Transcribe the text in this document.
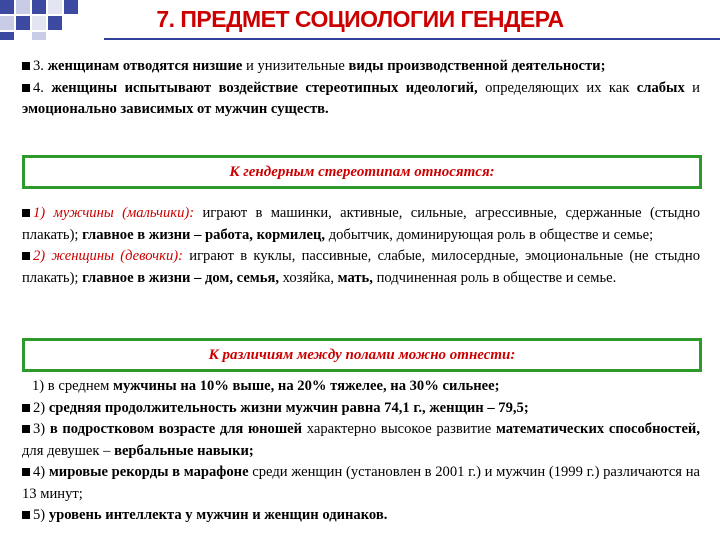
7. ПРЕДМЕТ СОЦИОЛОГИИ ГЕНДЕРА

3. женщинам отводятся низшие и унизительные виды производственной деятельности;

4. женщины испытывают воздействие стереотипных идеологий, определяющих их как слабых и эмоционально зависимых от мужчин существ.

К гендерным стереотипам относятся:

1) мужчины (мальчики): играют в машинки, активные, сильные, агрессивные, сдержанные (стыдно плакать); главное в жизни – работа, кормилец, добытчик, доминирующая роль в обществе и семье;

2) женщины (девочки): играют в куклы, пассивные, слабые, милосердные, эмоциональные (не стыдно плакать); главное в жизни – дом, семья, хозяйка, мать, подчиненная роль в обществе и семье.

К различиям между полами можно отнести:

1) в среднем мужчины на 10% выше, на 20% тяжелее, на 30% сильнее;

2) средняя продолжительность жизни мужчин равна 74,1 г., женщин – 79,5;

3) в подростковом возрасте для юношей характерно высокое развитие математических способностей, для девушек – вербальные навыки;

4) мировые рекорды в марафоне среди женщин (установлен в 2001 г.) и мужчин (1999 г.) различаются на 13 минут;

5) уровень интеллекта у мужчин и женщин одинаков.
